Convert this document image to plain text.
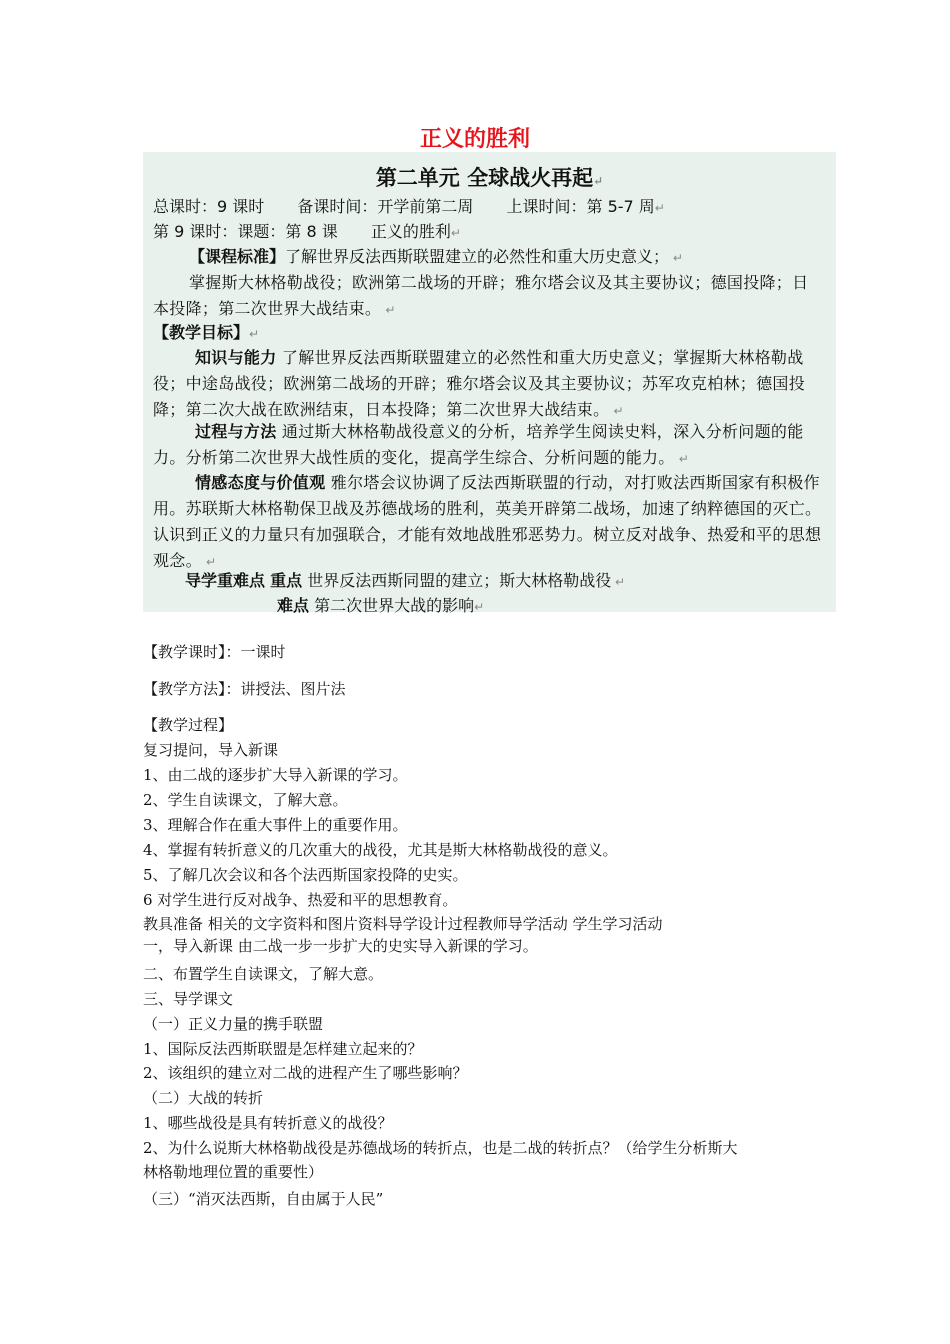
正义的胜利
第二单元 全球战火再起↵
总课时：9 课时 备课时间：开学前第二周 上课时间：第 5-7 周↵
第 9 课时：课题：第 8 课 正义的胜利↵
【课程标准】了解世界反法西斯联盟建立的必然性和重大历史意义； ↵
掌握斯大林格勒战役；欧洲第二战场的开辟；雅尔塔会议及其主要协议；德国投降；日本投降；第二次世界大战结束。 ↵
【教学目标】↵
知识与能力 了解世界反法西斯联盟建立的必然性和重大历史意义；掌握斯大林格勒战役；中途岛战役；欧洲第二战场的开辟；雅尔塔会议及其主要协议；苏军攻克柏林；德国投降；第二次大战在欧洲结束，日本投降；第二次世界大战结束。 ↵
过程与方法 通过斯大林格勒战役意义的分析，培养学生阅读史料，深入分析问题的能力。分析第二次世界大战性质的变化，提高学生综合、分析问题的能力。 ↵
情感态度与价值观 雅尔塔会议协调了反法西斯联盟的行动，对打败法西斯国家有积极作用。苏联斯大林格勒保卫战及苏德战场的胜利，英美开辟第二战场，加速了纳粹德国的灭亡。认识到正义的力量只有加强联合，才能有效地战胜邪恶势力。树立反对战争、热爱和平的思想观念。 ↵
导学重难点 重点 世界反法西斯同盟的建立；斯大林格勒战役 ↵
难点 第二次世界大战的影响↵
【教学课时】：一课时
【教学方法】：讲授法、图片法
【教学过程】
复习提问，导入新课
1、由二战的逐步扩大导入新课的学习。
2、学生自读课文，了解大意。
3、理解合作在重大事件上的重要作用。
4、掌握有转折意义的几次重大的战役，尤其是斯大林格勒战役的意义。
5、了解几次会议和各个法西斯国家投降的史实。
6 对学生进行反对战争、热爱和平的思想教育。
教具准备 相关的文字资料和图片资料导学设计过程教师导学活动 学生学习活动
一，导入新课 由二战一步一步扩大的史实导入新课的学习。
二、布置学生自读课文，了解大意。
三、导学课文
（一）正义力量的携手联盟
1、国际反法西斯联盟是怎样建立起来的？
2、该组织的建立对二战的进程产生了哪些影响？
（二）大战的转折
1、哪些战役是具有转折意义的战役？
2、为什么说斯大林格勒战役是苏德战场的转折点，也是二战的转折点？（给学生分析斯大
林格勒地理位置的重要性）
（三）“消灭法西斯，自由属于人民”
